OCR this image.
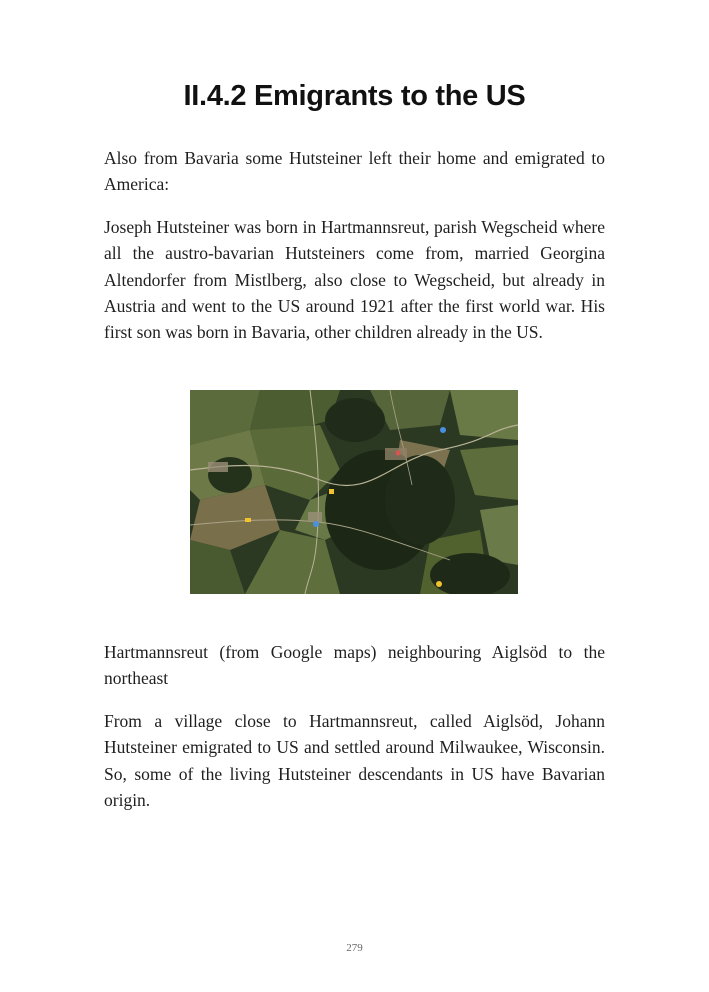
II.4.2 Emigrants to the US

Also from Bavaria some Hutsteiner left their home and emigrated to America:

Joseph Hutsteiner was born in Hartmannsreut, parish Wegscheid where all the austro-bavarian Hutsteiners come from, married Georgina Altendorfer from Mistlberg, also close to Wegscheid, but already in Austria and went to the US around 1921 after the first world war. His first son was born in Bavaria, other children already in the US.

Hartmannsreut (from Google maps) neighbouring Aiglsöd to the northeast

From a village close to Hartmannsreut, called Aiglsöd, Johann Hutsteiner emigrated to US and settled around Milwaukee, Wisconsin. So, some of the living Hutsteiner descendants in US have Bavarian origin.

279
